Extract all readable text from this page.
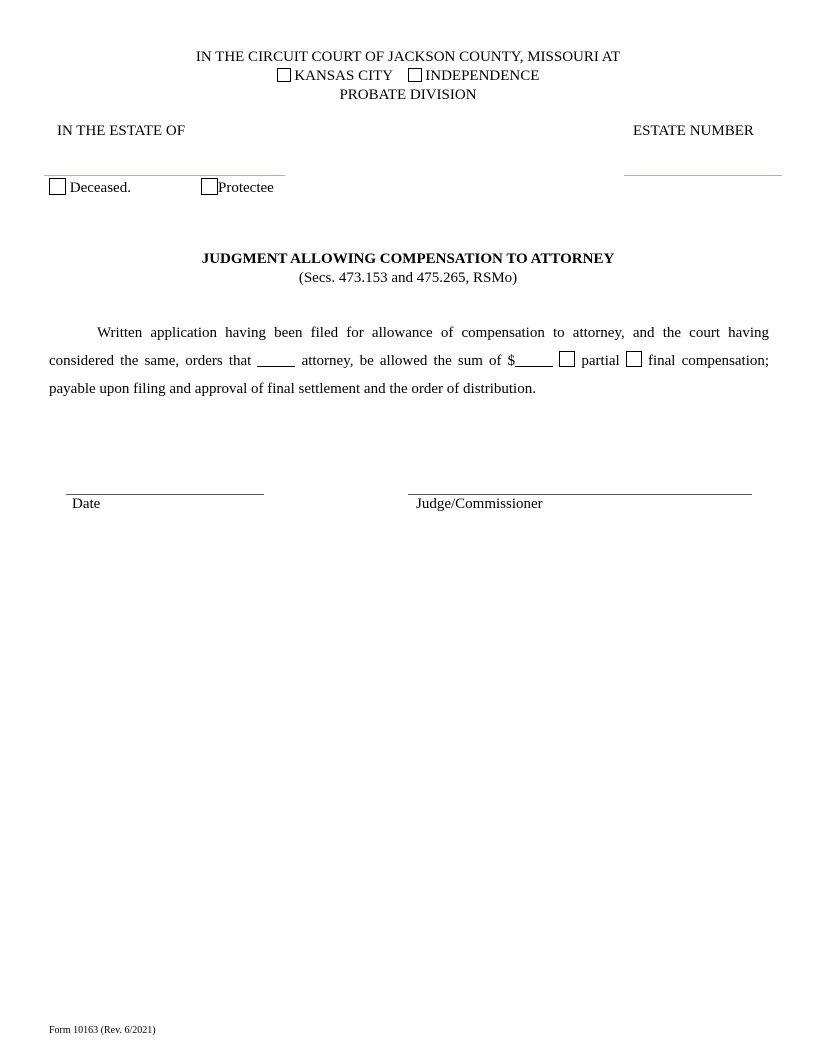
IN THE CIRCUIT COURT OF JACKSON COUNTY, MISSOURI AT
KANSAS CITY INDEPENDENCE
PROBATE DIVISION
IN THE ESTATE OF	ESTATE NUMBER
Deceased.	Protectee
JUDGMENT ALLOWING COMPENSATION TO ATTORNEY
(Secs. 473.153 and 475.265, RSMo)
Written application having been filed for allowance of compensation to attorney, and the court having considered the same, orders that	attorney, be allowed the sum of $	partial final compensation; payable upon filing and approval of final settlement and the order of distribution.
Date	Judge/Commissioner
Form 10163 (Rev. 6/2021)
